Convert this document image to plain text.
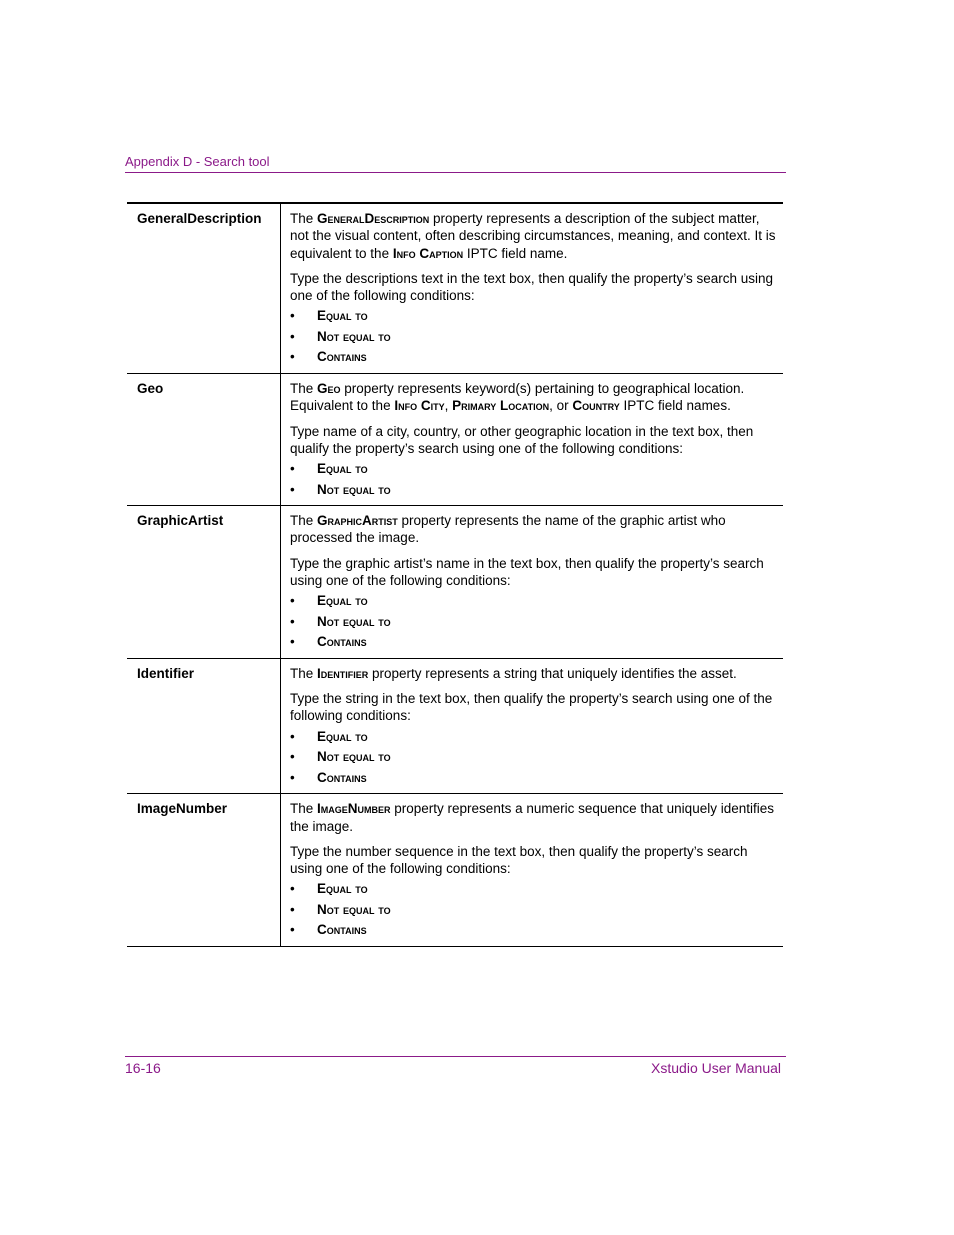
Appendix D - Search tool
GeneralDescription	The GeneralDescription property represents a description of the subject matter, not the visual content, often describing circumstances, meaning, and context. It is equivalent to the Info Caption IPTC field name.

Type the descriptions text in the text box, then qualify the property’s search using one of the following conditions:

• Equal to
• Not equal to
• Contains
Geo	The Geo property represents keyword(s) pertaining to geographical location. Equivalent to the Info City, Primary Location, or Country IPTC field names.

Type name of a city, country, or other geographic location in the text box, then qualify the property’s search using one of the following conditions:

• Equal to
• Not equal to
GraphicArtist	The GraphicArtist property represents the name of the graphic artist who processed the image.

Type the graphic artist’s name in the text box, then qualify the property’s search using one of the following conditions:

• Equal to
• Not equal to
• Contains
Identifier	The Identifier property represents a string that uniquely identifies the asset.

Type the string in the text box, then qualify the property’s search using one of the following conditions:

• Equal to
• Not equal to
• Contains
ImageNumber	The ImageNumber property represents a numeric sequence that uniquely identifies the image.

Type the number sequence in the text box, then qualify the property’s search using one of the following conditions:

• Equal to
• Not equal to
• Contains
16-16	Xstudio User Manual
